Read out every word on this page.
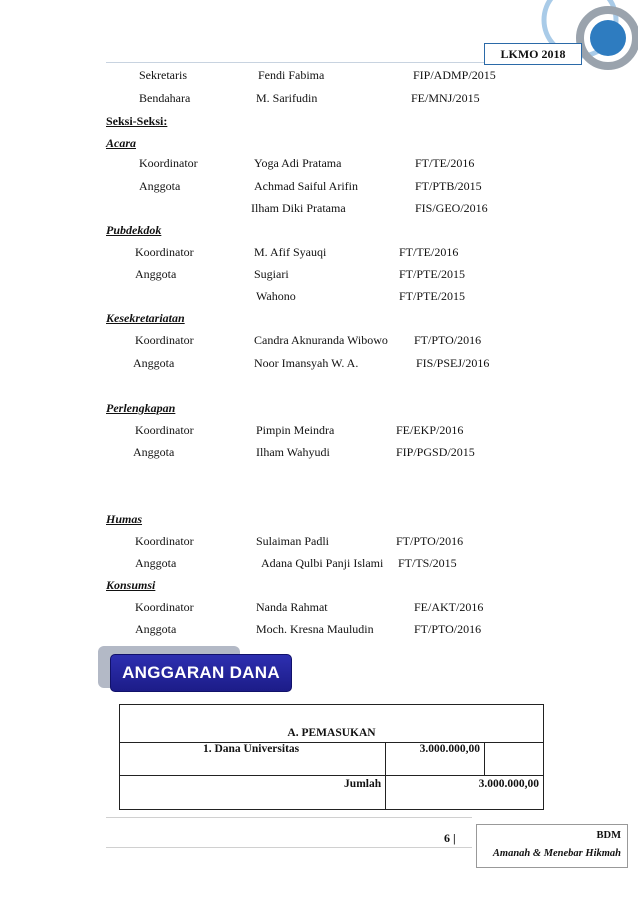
LKMO 2018
Sekretaris	Fendi Fabima	FIP/ADMP/2015
Bendahara	M. Sarifudin	FE/MNJ/2015
Seksi-Seksi:
Acara
Koordinator	Yoga Adi Pratama	FT/TE/2016
Anggota	Achmad Saiful Arifin	FT/PTB/2015
Ilham Diki Pratama	FIS/GEO/2016
Pubdekdok
Koordinator	M. Afif Syauqi	FT/TE/2016
Anggota	Sugiari	FT/PTE/2015
Wahono	FT/PTE/2015
Kesekretariatan
Koordinator	Candra Aknuranda Wibowo FT/PTO/2016
Anggota	Noor Imansyah W. A.	FIS/PSEJ/2016
Perlengkapan
Koordinator	Pimpin Meindra	FE/EKP/2016
Anggota	Ilham Wahyudi	FIP/PGSD/2015
Humas
Koordinator	Sulaiman Padli	FT/PTO/2016
Anggota	Adana Qulbi Panji Islami FT/TS/2015
Konsumsi
Koordinator	Nanda Rahmat	FE/AKT/2016
Anggota	Moch. Kresna Mauludin	FT/PTO/2016
ANGGARAN DANA
A. PEMASUKAN		
1. Dana Universitas	3.000.000,00	
Jumlah	3.000.000,00	
6 |	BDM
Amanah & Menebar Hikmah
